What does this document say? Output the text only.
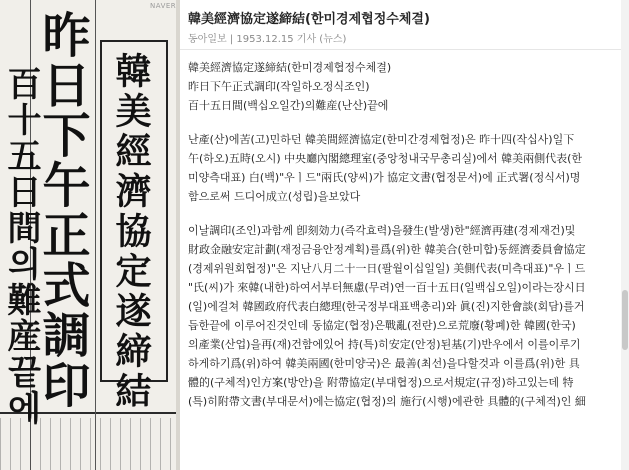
NAVER
昨日下午正式調印
百十五日間의難産끝에 韓美經濟協定遂締結
韓美經濟協定遂締結(한미경제협정수체결)
동아일보 | 1953.12.15 기사 (뉴스)

韓美經濟協定遂締結(한미경제협정수체결)
昨日下午正式調印(작일하오정식조인)
百十五日間(백십오일간)의難産(난산)끝에

난產(산)에苦(고)민하던 韓美間經濟協定(한미간경제협정)은 昨十四(작십사)일下
午(하오)五時(오시) 中央廳內閣總理室(중앙청내국무총리실)에서 韓美兩側代表(한
미양측대표) 白(백)"우ㅣ드"兩氏(양씨)가 協定文書(협정문서)에 正式署(정식서)명
함으로써 드디어成立(성립)을보았다

이날調印(조인)과함께 卽刻効力(즉각효력)을發生(발생)한"經濟再建(경제재건)및
財政金融安定計劃(재정금융안정계획)를爲(위)한 韓美合(한미합)동經濟委員會協定
(경제위원회협정)"은 지난八月二十一日(팔월이십일일) 美側代表(미측대표)"우ㅣ드
"氏(씨)가 來韓(내한)하여서부터無慮(무려)연一百十五日(일백십오일)이라는장시日
(일)에걸쳐 韓國政府代表白總理(한국정부대표백총리)와 眞(진)지한會談(회담)를거
듭한끝에 이루어진것인데 동協定(협정)은戰亂(전란)으로荒廢(황폐)한 韓國(한국)
의產業(산업)을再(재)건함에있어 持(특)히安定(안정)된基(기)반우에서 이를이루기
하게하기爲(위)하여 韓美兩國(한미양국)은 最善(최선)을다할것과 이를爲(위)한 具
體的(구체적)인方案(방안)을 附帶協定(부대협정)으로서規定(규정)하고있는데 特
(특)히附帶文書(부대문서)에는協定(협정)의 施行(시행)에관한 具體的(구체적)인 細
